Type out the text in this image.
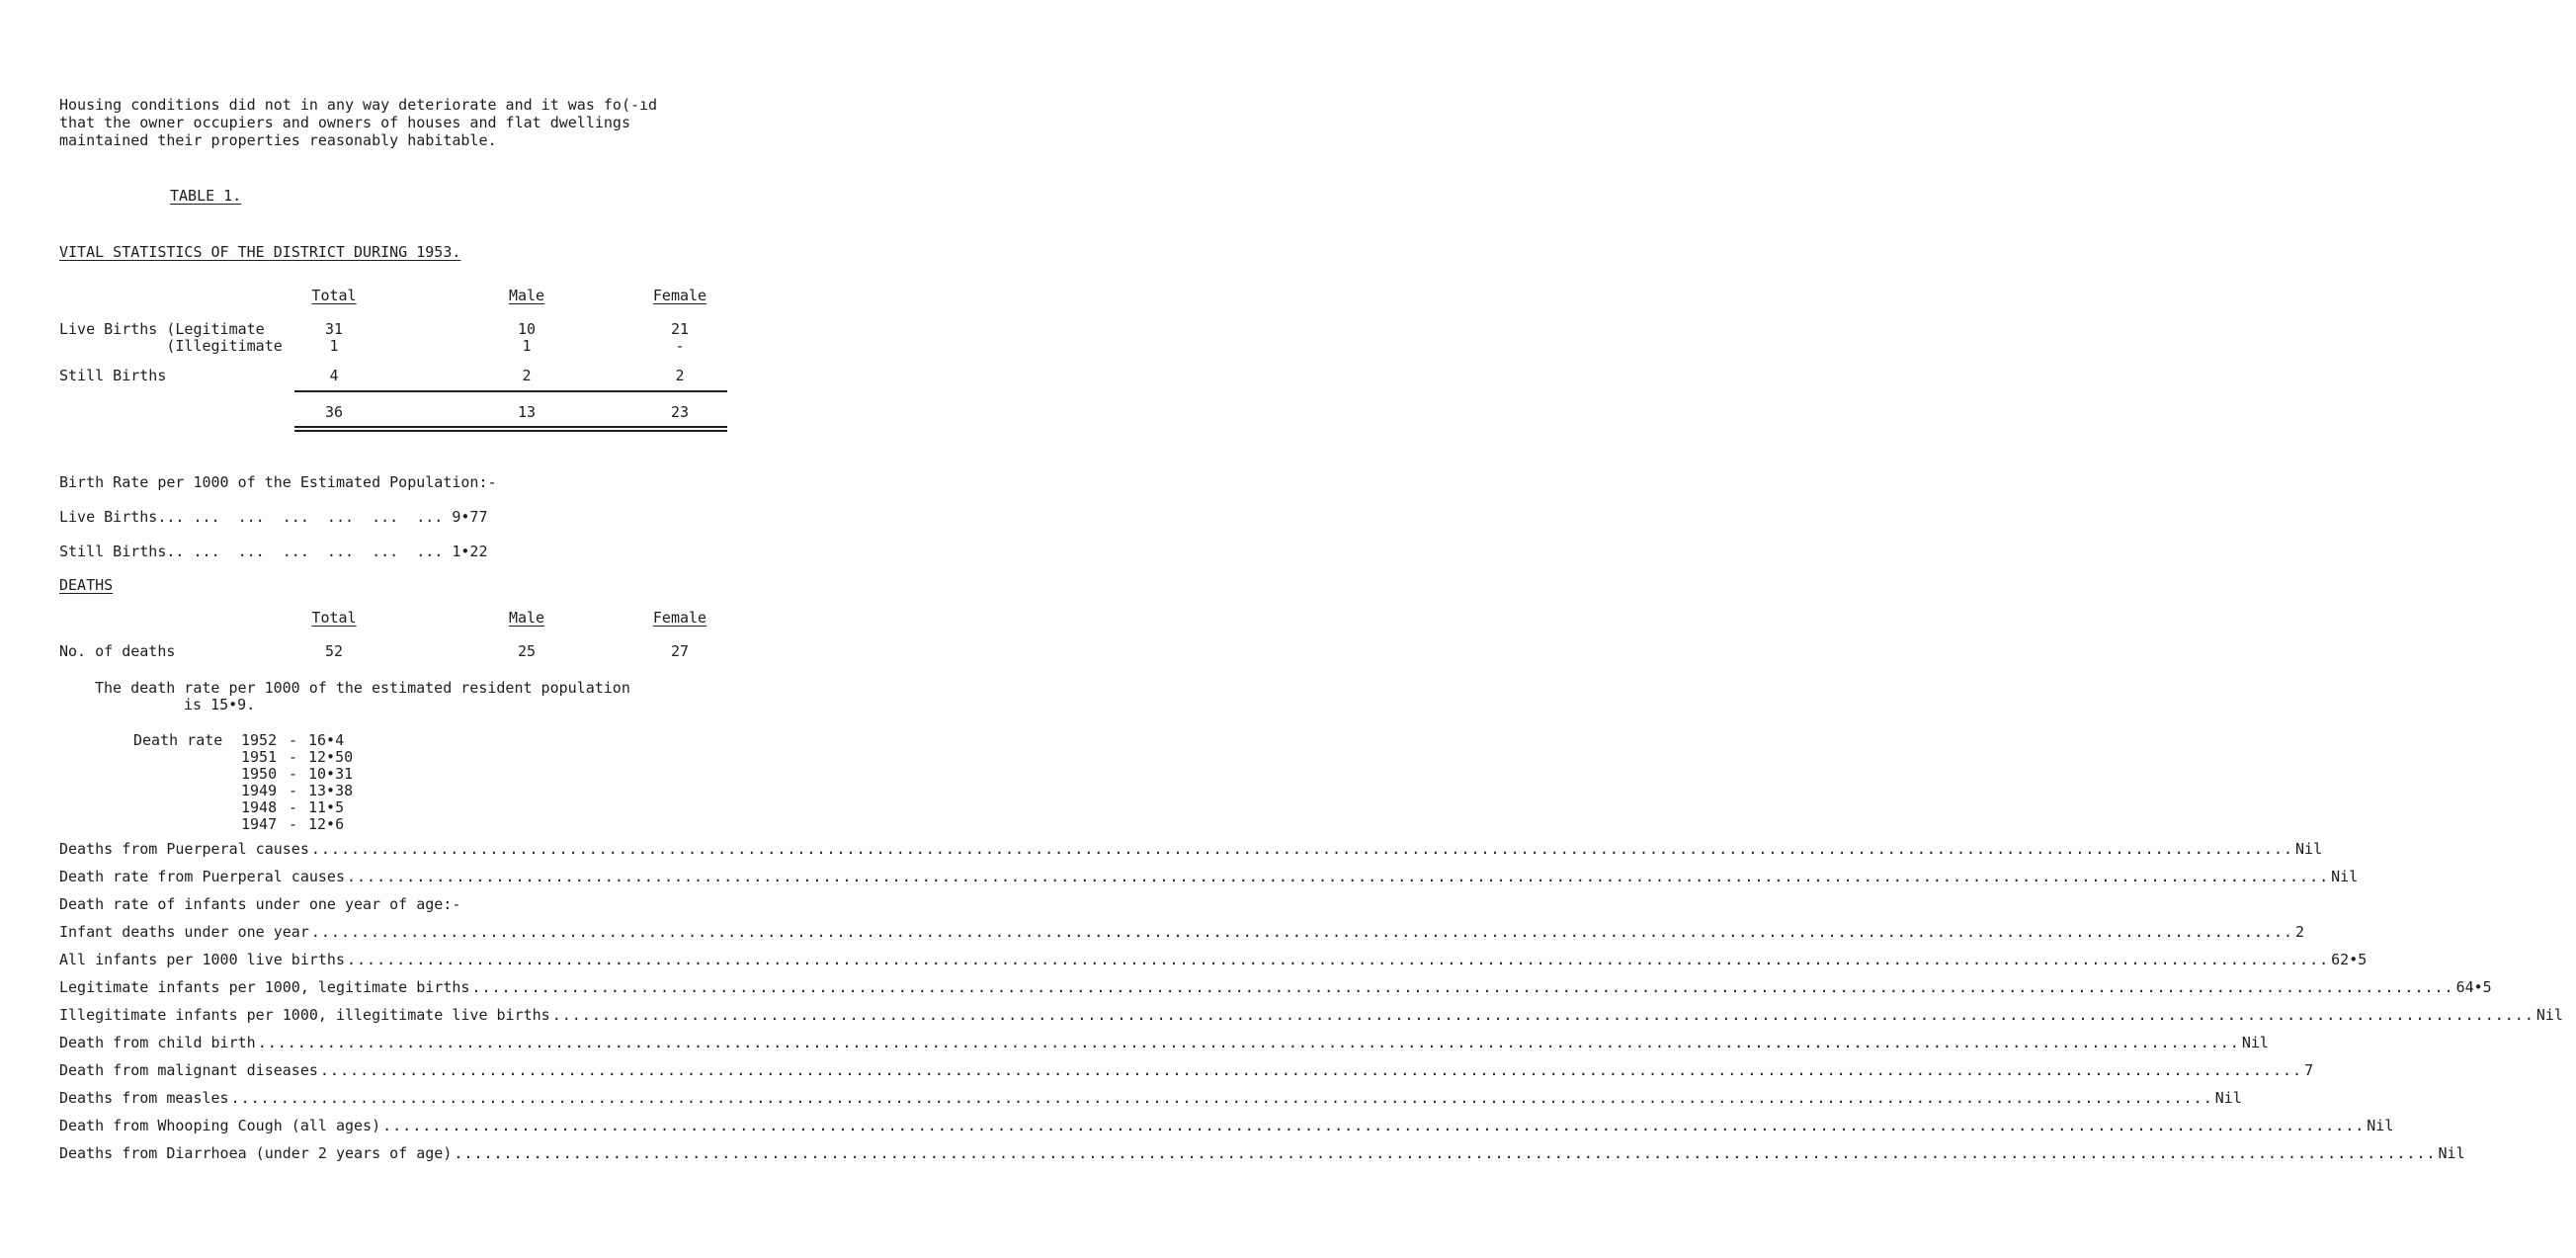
Housing conditions did not in any way deteriorate and it was fo(-ıd
that the owner occupiers and owners of houses and flat dwellings
maintained their properties reasonably habitable.
TABLE 1.
VITAL STATISTICS OF THE DISTRICT DURING 1953.
Total	Male	Female
Live Births (Legitimate	31	10	21
(Illegitimate	1	1	-
Still Births	4	2	2
36	13	23
Birth Rate per 1000 of the Estimated Population:-
Live Births... ...  ...  ...  ...  ...  ... 9•77
Still Births.. ...  ...  ...  ...  ...  ... 1•22
DEATHS
Total	Male	Female
No. of deaths	52	25	27
The death rate per 1000 of the estimated resident population
is 15•9.
Death rate 1952 - 16•4
1951 - 12•50
1950 - 10•31
1949 - 13•38
1948 - 11•5
1947 - 12•6
Deaths from Puerperal causes ........................................................................................................................................................................................................ Nil
Death rate from Puerperal causes ........................................................................................................................................................................................................ Nil
Death rate of infants under one year of age:-
Infant deaths under one year ........................................................................................................................................................................................................ 2
All infants per 1000 live births ........................................................................................................................................................................................................ 62•5
Legitimate infants per 1000, legitimate births ........................................................................................................................................................................................................ 64•5
Illegitimate infants per 1000, illegitimate live births ........................................................................................................................................................................................................ Nil
Death from child birth ........................................................................................................................................................................................................ Nil
Death from malignant diseases ........................................................................................................................................................................................................ 7
Deaths from measles ........................................................................................................................................................................................................ Nil
Death from Whooping Cough (all ages) ........................................................................................................................................................................................................ Nil
Deaths from Diarrhoea (under 2 years of age) ........................................................................................................................................................................................................ Nil
